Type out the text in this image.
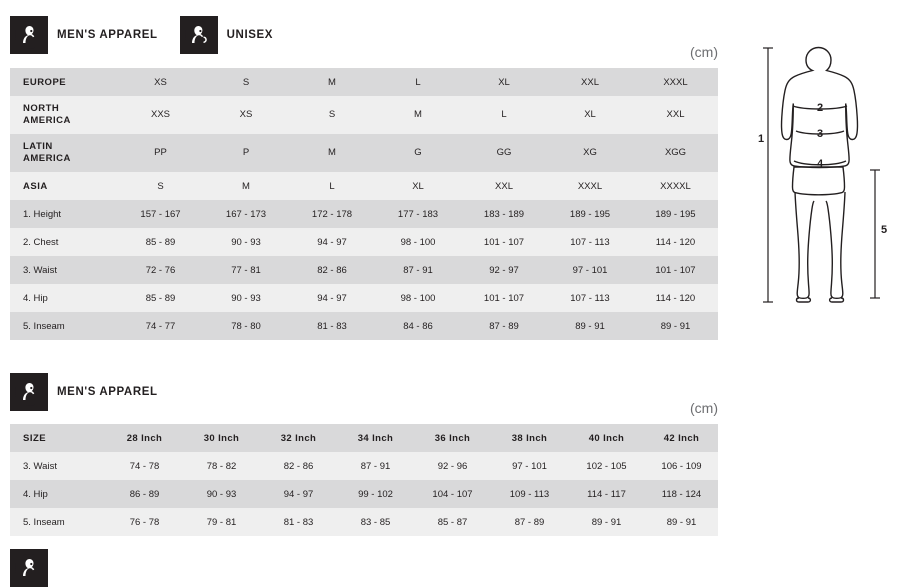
MEN'S APPAREL	UNISEX
(cm)
EUROPE	XS	S	M	L	XL	XXL	XXXL

NORTH
AMERICA	XXS	XS	S	M	L	XL	XXL

LATIN
AMERICA	PP	P	M	G	GG	XG	XGG
ASIA	S	M	L	XL	XXL	XXXL	XXXXL
1. Height	157 - 167	167 - 173	172 - 178	177 - 183	183 - 189	189 - 195	189 - 195
2. Chest	85 - 89	90 - 93	94 - 97	98 - 100	101 - 107	107 - 113	114 - 120
3. Waist	72 - 76	77 - 81	82 - 86	87 - 91	92 - 97	97 - 101	101 - 107
4. Hip	85 - 89	90 - 93	94 - 97	98 - 100	101 - 107	107 - 113	114 - 120
5. Inseam	74 - 77	78 - 80	81 - 83	84 - 86	87 - 89	89 - 91	89 - 91
MEN'S APPAREL
(cm)
SIZE	28 Inch	30 Inch	32 Inch	34 Inch	36 Inch	38 Inch	40 Inch	42 Inch
3. Waist	74 - 78	78 - 82	82 - 86	87 - 91	92 - 96	97 - 101	102 - 105	106 - 109
4. Hip	86 - 89	90 - 93	94 - 97	99 - 102	104 - 107	109 - 113	114 - 117	118 - 124
5. Inseam	76 - 78	79 - 81	81 - 83	83 - 85	85 - 87	87 - 89	89 - 91	89 - 91
1
2
3
4
5
